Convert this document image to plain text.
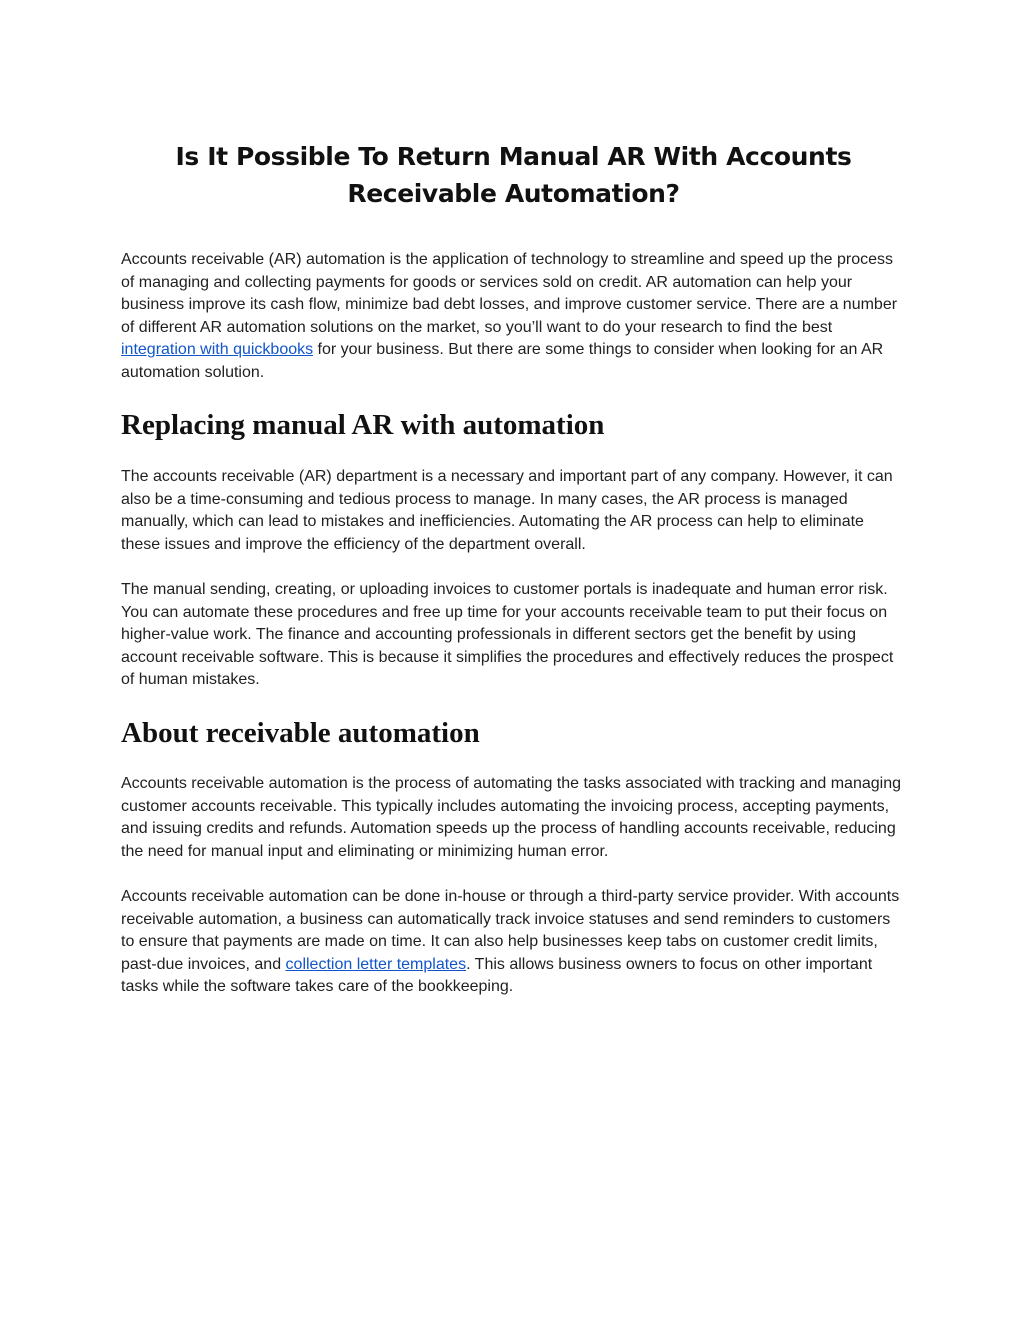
Is It Possible To Return Manual AR With Accounts Receivable Automation?

Accounts receivable (AR) automation is the application of technology to streamline and speed up the process of managing and collecting payments for goods or services sold on credit. AR automation can help your business improve its cash flow, minimize bad debt losses, and improve customer service. There are a number of different AR automation solutions on the market, so you’ll want to do your research to find the best integration with quickbooks for your business. But there are some things to consider when looking for an AR automation solution.

Replacing manual AR with automation

The accounts receivable (AR) department is a necessary and important part of any company. However, it can also be a time-consuming and tedious process to manage. In many cases, the AR process is managed manually, which can lead to mistakes and inefficiencies. Automating the AR process can help to eliminate these issues and improve the efficiency of the department overall.

The manual sending, creating, or uploading invoices to customer portals is inadequate and human error risk. You can automate these procedures and free up time for your accounts receivable team to put their focus on higher-value work. The finance and accounting professionals in different sectors get the benefit by using account receivable software. This is because it simplifies the procedures and effectively reduces the prospect of human mistakes.

About receivable automation

Accounts receivable automation is the process of automating the tasks associated with tracking and managing customer accounts receivable. This typically includes automating the invoicing process, accepting payments, and issuing credits and refunds. Automation speeds up the process of handling accounts receivable, reducing the need for manual input and eliminating or minimizing human error.

Accounts receivable automation can be done in-house or through a third-party service provider. With accounts receivable automation, a business can automatically track invoice statuses and send reminders to customers to ensure that payments are made on time. It can also help businesses keep tabs on customer credit limits, past-due invoices, and collection letter templates. This allows business owners to focus on other important tasks while the software takes care of the bookkeeping.
